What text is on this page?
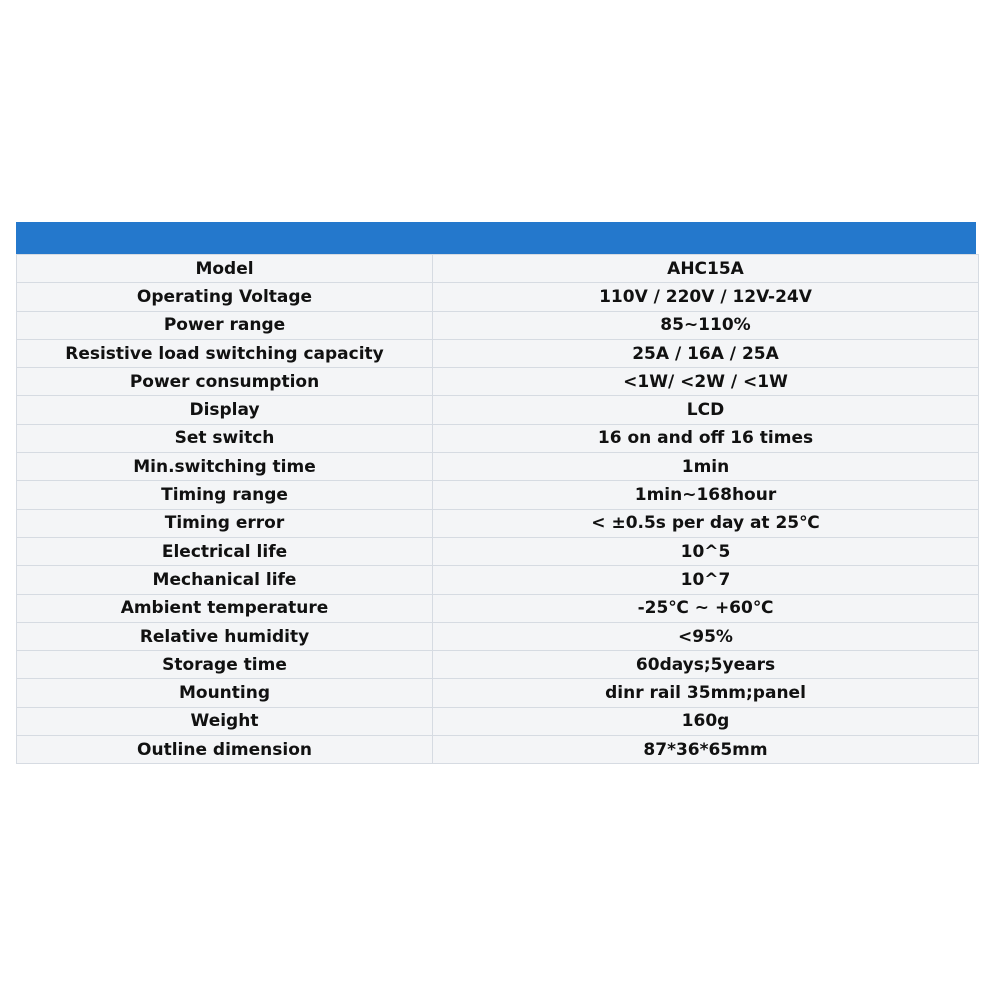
Model	AHC15A
Operating Voltage	110V / 220V / 12V-24V
Power range	85~110%
Resistive load switching capacity	25A / 16A / 25A
Power consumption	<1W/ <2W / <1W
Display	LCD
Set switch	16 on and off 16 times
Min.switching time	1min
Timing range	1min~168hour
Timing error	< ±0.5s per day at 25℃
Electrical life	10^5
Mechanical life	10^7
Ambient temperature	-25℃ ~ +60℃
Relative humidity	<95%
Storage time	60days;5years
Mounting	dinr rail 35mm;panel
Weight	160g
Outline dimension	87*36*65mm
